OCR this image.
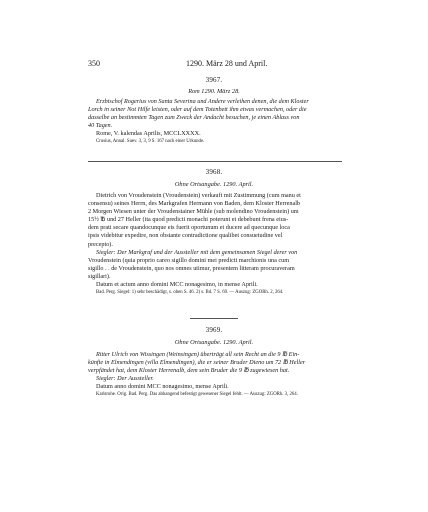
350	1290. März 28 und April.
3967.
Rom 1290. März 28.
Erzbischof Rogerius von Santa Severina und Andere verleihen denen, die dem Kloster
Lorch in seiner Not Hilfe leisten, oder auf dem Totenbett ihm etwas vermachen, oder die
dasselbe an bestimmten Tagen zum Zweck der Andacht besuchen, je einen Ablass von
40 Tagen.
Rome, V. kalendas Aprilis, MCCLXXXX.
Crusius, Annal. Suev. 3, 3, 9 S. 167 nach einer Urkunde.
3968.
Ohne Ortsangabe. 1290. April.
Dietrich von Vroudenstein (Vroudenstein) verkauft mit Zustimmung (cum manu et
consensu) seines Herrn, des Markgrafen Hermann von Baden, dem Kloster Herrenalb
2 Morgen Wiesen unter der Vroudenstainer Mühle (sub molendino Vroudenstein) um
15½ ℔ und 27 Heller (ita quod predicti monachi poterunt et debebunt frena eius-
dem prati secare quandocunque eis fuerit oportunum et ducere ad quecunque loca
ipsis videbitur expedire, non obstante contradictione qualibet consuetudine vel
precepto).
Siegler: Der Markgraf und der Aussteller mit dem gemeinsamen Siegel derer von
Vroudenstein (quia proprio careo sigillo domini mei predicti marchionis una cum
sigillo . . de Vroudenstein, quo nos omnes utimur, presentem litteram procuraveram
sigillari).
Datum et actum anno domini MCC nonagesimo, in mense Aprili.
Bad. Perg. Siegel: 1) sehr beschädigt, s. oben S. 46. 2) s. Bd. 7 S. 69. — Auszug: ZGORh. 2, 264.
3969.
Ohne Ortsangabe. 1290. April.
Ritter Ulrich von Wissingen (Weinsingen) überträgt all sein Recht an die 9 ℔ Ein-
künfte in Elmendingen (villa Elmendingen), die er seiner Bruder Dieno um 72 ℔ Heller
verpfändet hat, dem Kloster Herrenalb, dem sein Bruder die 9 ℔ zugewiesen hat.
Siegler: Der Aussteller.
Datum anno domini MCC nonagesimo, mense Aprili.
Karlsruhe. Orig. Bad. Perg. Das abhangend befestigt gewesener Siegel fehlt. — Auszug: ZGORh. 3, 264.
